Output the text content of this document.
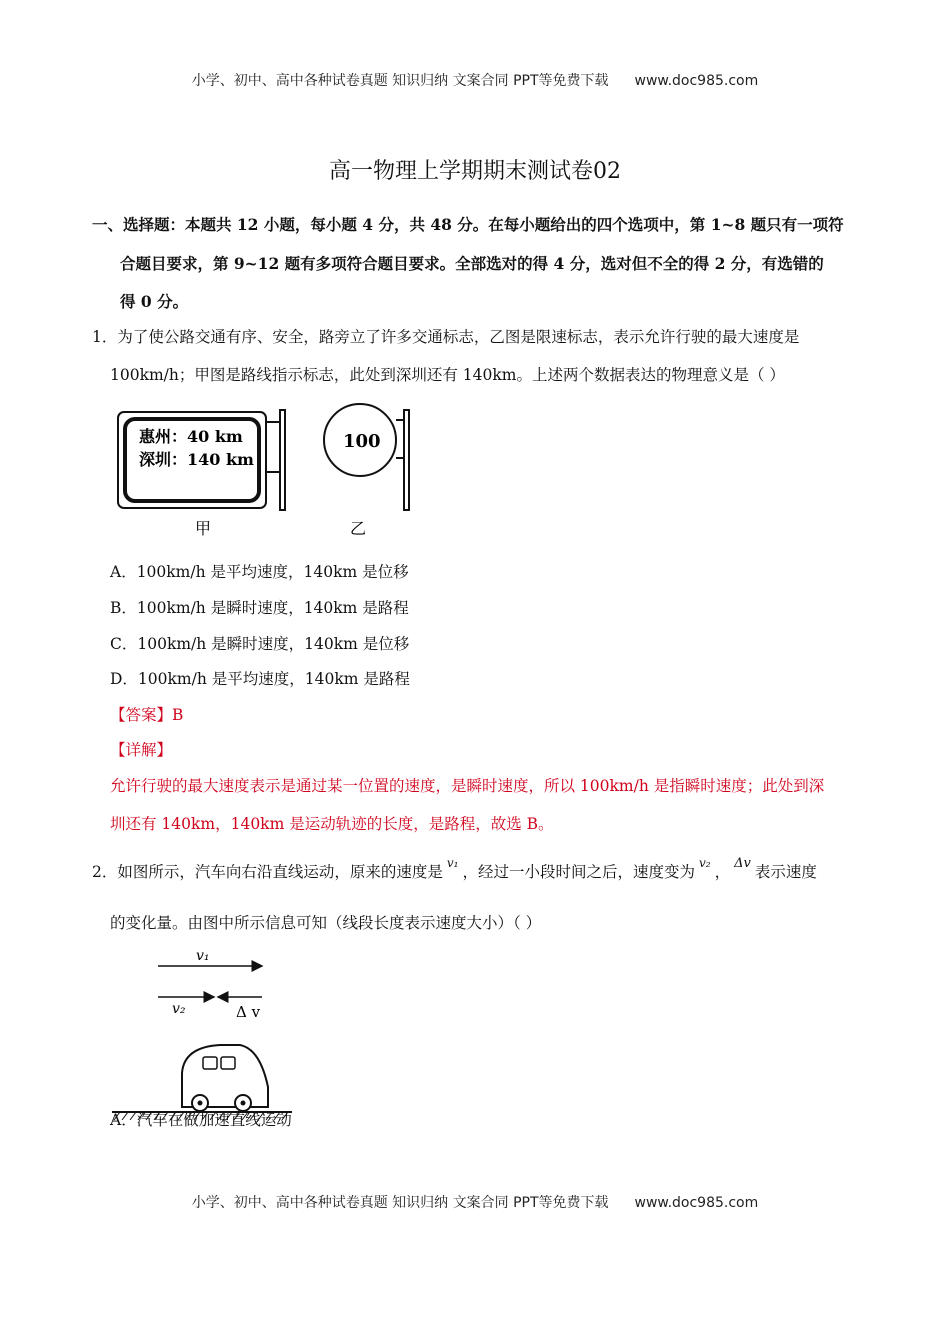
小学、初中、高中各种试卷真题 知识归纳 文案合同 PPT等免费下载 www.doc985.com
高一物理上学期期末测试卷02
一、选择题：本题共 12 小题，每小题 4 分，共 48 分。在每小题给出的四个选项中，第 1~8 题只有一项符
合题目要求，第 9~12 题有多项符合题目要求。全部选对的得 4 分，选对但不全的得 2 分，有选错的
得 0 分。
1．为了使公路交通有序、安全，路旁立了许多交通标志，乙图是限速标志，表示允许行驶的最大速度是
100km/h；甲图是路线指示标志，此处到深圳还有 140km。上述两个数据表达的物理意义是（ ）
惠州：40 km
深圳：140 km
甲
100
乙
A．100km/h 是平均速度，140km 是位移
B．100km/h 是瞬时速度，140km 是路程
C．100km/h 是瞬时速度，140km 是位移
D．100km/h 是平均速度，140km 是路程
【答案】B
【详解】
允许行驶的最大速度表示是通过某一位置的速度，是瞬时速度，所以 100km/h 是指瞬时速度；此处到深
圳还有 140km，140km 是运动轨迹的长度，是路程，故选 B。
2．如图所示，汽车向右沿直线运动，原来的速度是 $^{v_1}$ ，经过一小段时间之后，速度变为 $^{v_2}$ ， $^{\Delta v}$ 表示速度
的变化量。由图中所示信息可知（线段长度表示速度大小）（ ）
v₁
v₂	Δ v
A．汽车在做加速直线运动
小学、初中、高中各种试卷真题 知识归纳 文案合同 PPT等免费下载 www.doc985.com
